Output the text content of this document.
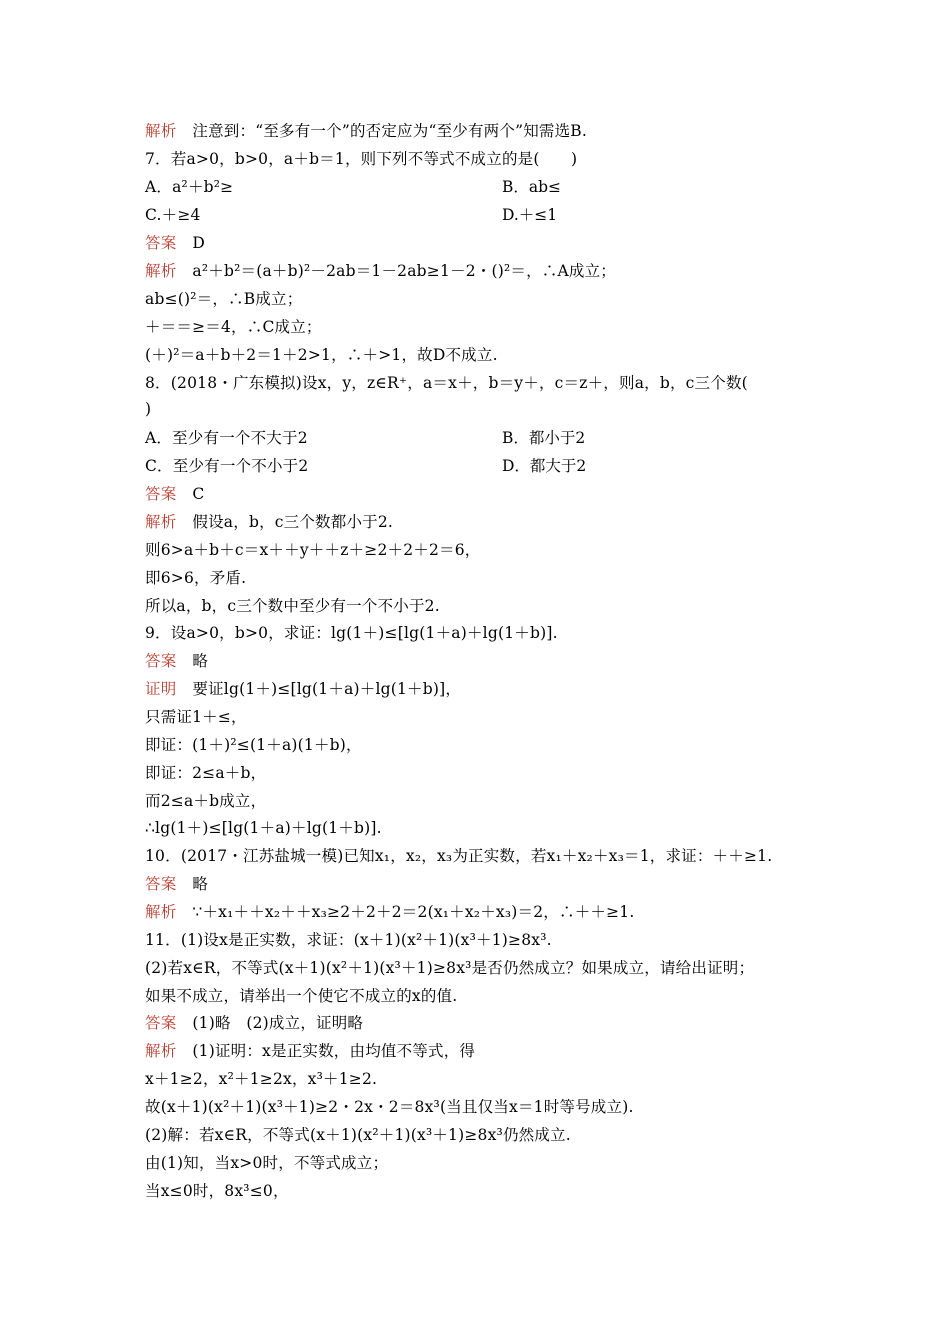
解析 注意到：“至多有一个”的否定应为“至少有两个”知需选B.
7．若a>0，b>0，a＋b＝1，则下列不等式不成立的是(　　)
A．a²＋b²≥	B．ab≤
C.＋≥4	D.＋≤1
答案 D
解析 a²＋b²＝(a＋b)²－2ab＝1－2ab≥1－2・()²＝，∴A成立；
ab≤()²＝，∴B成立；
＋＝＝≥＝4，∴C成立；
(＋)²＝a＋b＋2＝1＋2>1，∴＋>1，故D不成立.
8．(2018・广东模拟)设x，y，z∈R⁺，a＝x＋，b＝y＋，c＝z＋，则a，b，c三个数(
)
A．至少有一个不大于2	B．都小于2
C．至少有一个不小于2	D．都大于2
答案 C
解析 假设a，b，c三个数都小于2.
则6>a＋b＋c＝x＋＋y＋＋z＋≥2＋2＋2＝6，
即6>6，矛盾.
所以a，b，c三个数中至少有一个不小于2.
9．设a>0，b>0，求证：lg(1＋)≤[lg(1＋a)＋lg(1＋b)].
答案 略
证明 要证lg(1＋)≤[lg(1＋a)＋lg(1＋b)]，
只需证1＋≤，
即证：(1＋)²≤(1＋a)(1＋b)，
即证：2≤a＋b，
而2≤a＋b成立，
∴lg(1＋)≤[lg(1＋a)＋lg(1＋b)].
10．(2017・江苏盐城一模)已知x₁，x₂，x₃为正实数，若x₁＋x₂＋x₃＝1，求证：＋＋≥1.
答案 略
解析 ∵＋x₁＋＋x₂＋＋x₃≥2＋2＋2＝2(x₁＋x₂＋x₃)＝2，∴＋＋≥1.
11．(1)设x是正实数，求证：(x＋1)(x²＋1)(x³＋1)≥8x³.
(2)若x∈R，不等式(x＋1)(x²＋1)(x³＋1)≥8x³是否仍然成立？如果成立，请给出证明；
如果不成立，请举出一个使它不成立的x的值.
答案 (1)略　(2)成立，证明略
解析 (1)证明：x是正实数，由均值不等式，得
x＋1≥2，x²＋1≥2x，x³＋1≥2.
故(x＋1)(x²＋1)(x³＋1)≥2・2x・2＝8x³(当且仅当x＝1时等号成立).
(2)解：若x∈R，不等式(x＋1)(x²＋1)(x³＋1)≥8x³仍然成立.
由(1)知，当x>0时，不等式成立；
当x≤0时，8x³≤0，
